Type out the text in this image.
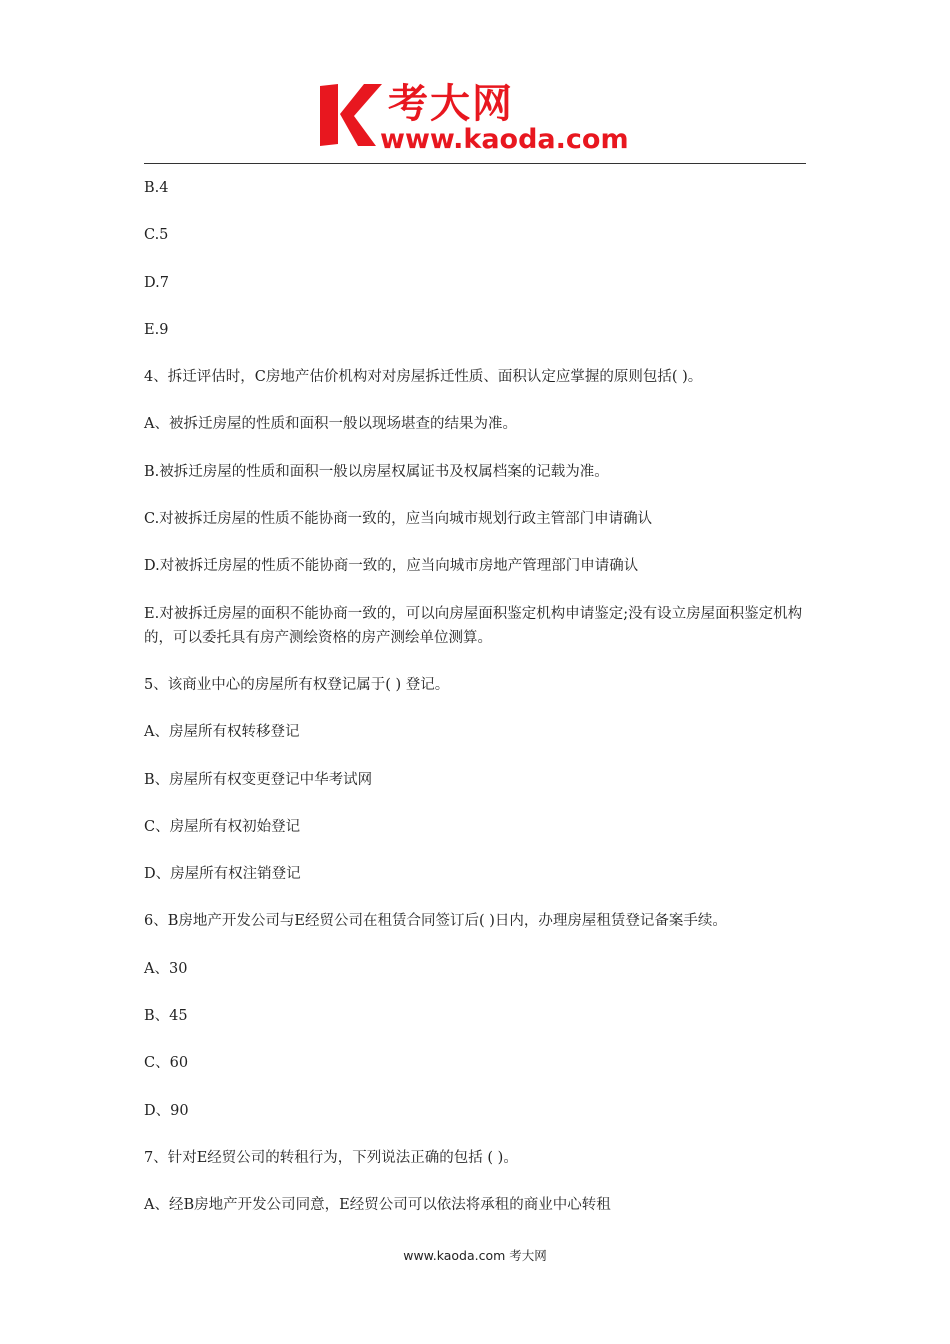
考大网
www.kaoda.com
B.4
C.5
D.7
E.9
4、拆迁评估时，C房地产估价机构对对房屋拆迁性质、面积认定应掌握的原则包括( )。
A、被拆迁房屋的性质和面积一般以现场堪查的结果为准。
B.被拆迁房屋的性质和面积一般以房屋权属证书及权属档案的记载为准。
C.对被拆迁房屋的性质不能协商一致的，应当向城市规划行政主管部门申请确认
D.对被拆迁房屋的性质不能协商一致的，应当向城市房地产管理部门申请确认
E.对被拆迁房屋的面积不能协商一致的，可以向房屋面积鉴定机构申请鉴定;没有设立房屋面积鉴定机构的，可以委托具有房产测绘资格的房产测绘单位测算。
5、该商业中心的房屋所有权登记属于( ) 登记。
A、房屋所有权转移登记
B、房屋所有权变更登记中华考试网
C、房屋所有权初始登记
D、房屋所有权注销登记
6、B房地产开发公司与E经贸公司在租赁合同签订后( )日内，办理房屋租赁登记备案手续。
A、30
B、45
C、60
D、90
7、针对E经贸公司的转租行为，下列说法正确的包括 ( )。
A、经B房地产开发公司同意，E经贸公司可以依法将承租的商业中心转租
www.kaoda.com 考大网
